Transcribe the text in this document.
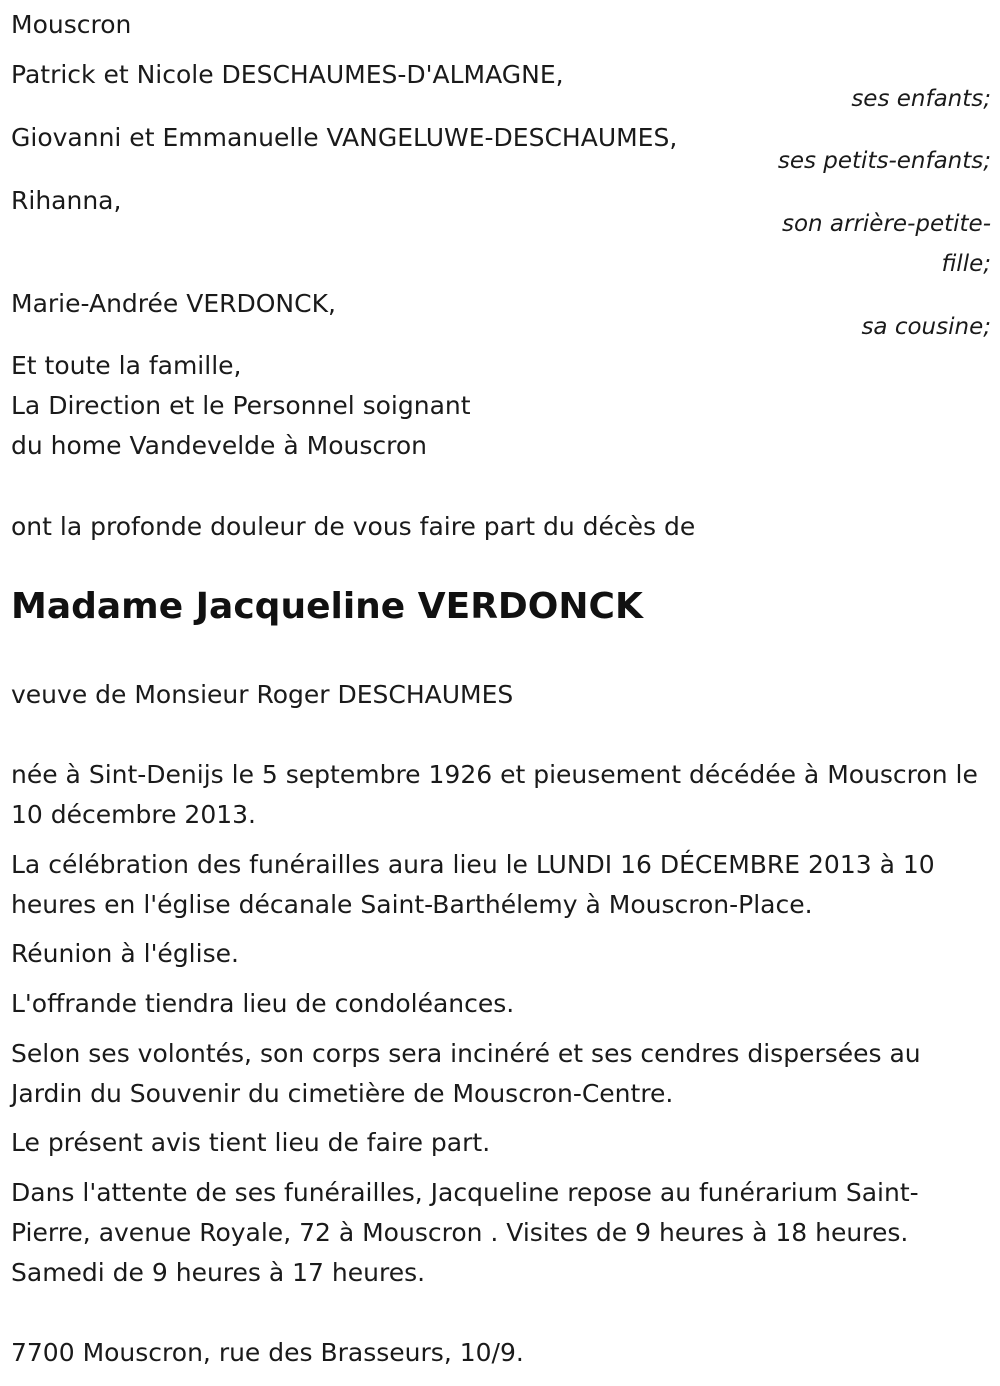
Mouscron
Patrick et Nicole DESCHAUMES-D'ALMAGNE,
ses enfants;
Giovanni et Emmanuelle VANGELUWE-DESCHAUMES,
ses petits-enfants;
Rihanna,
son arrière-petite-
fille;
Marie-Andrée VERDONCK,
sa cousine;
Et toute la famille,
La Direction et le Personnel soignant
du home Vandevelde à Mouscron
ont la profonde douleur de vous faire part du décès de
Madame Jacqueline VERDONCK
veuve de Monsieur Roger DESCHAUMES
née à Sint-Denijs le 5 septembre 1926 et pieusement décédée à Mouscron le 10 décembre 2013.
La célébration des funérailles aura lieu le LUNDI 16 DÉCEMBRE 2013 à 10 heures en l'église décanale Saint-Barthélemy à Mouscron-Place.
Réunion à l'église.
L'offrande tiendra lieu de condoléances.
Selon ses volontés, son corps sera incinéré et ses cendres dispersées au Jardin du Souvenir du cimetière de Mouscron-Centre.
Le présent avis tient lieu de faire part.
Dans l'attente de ses funérailles, Jacqueline repose au funérarium Saint-Pierre, avenue Royale, 72 à Mouscron . Visites de 9 heures à 18 heures. Samedi de 9 heures à 17 heures.
7700 Mouscron, rue des Brasseurs, 10/9.
